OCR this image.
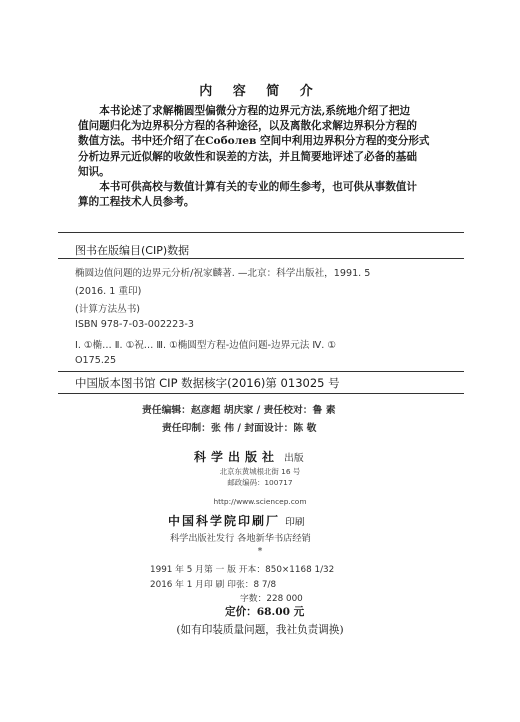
内 容 简 介

本书论述了求解椭圆型偏微分方程的边界元方法,系统地介绍了把边

值问题归化为边界积分方程的各种途径，以及离散化求解边界积分方程的

数值方法。书中还介绍了在Соболев 空间中利用边界积分方程的变分形式

分析边界元近似解的收敛性和误差的方法，并且简要地评述了必备的基础

知识。

本书可供高校与数值计算有关的专业的师生参考，也可供从事数值计

算的工程技术人员参考。

图书在版编目(CIP)数据
椭圆边值问题的边界元分析/祝家麟著. —北京：科学出版社，1991. 5
(2016. 1 重印)
(计算方法丛书)
ISBN 978-7-03-002223-3
Ⅰ. ①椭… Ⅱ. ①祝… Ⅲ. ①椭圆型方程-边值问题-边界元法 Ⅳ. ①
O175.25
中国版本图书馆 CIP 数据核字(2016)第 013025 号
责任编辑：赵彦超 胡庆家 / 责任校对：鲁 素
责任印制：张 伟 / 封面设计：陈 敬
科学出版社 出版
北京东黄城根北街 16 号
邮政编码：100717
http://www.sciencep.com
中国科学院印刷厂 印刷
科学出版社发行 各地新华书店经销
*
1991 年 5 月第 一 版 开本：850×1168 1/32
2016 年 1 月印 刷 印张：8 7/8
字数：228 000
定价：68.00 元
(如有印装质量问题，我社负责调换)
